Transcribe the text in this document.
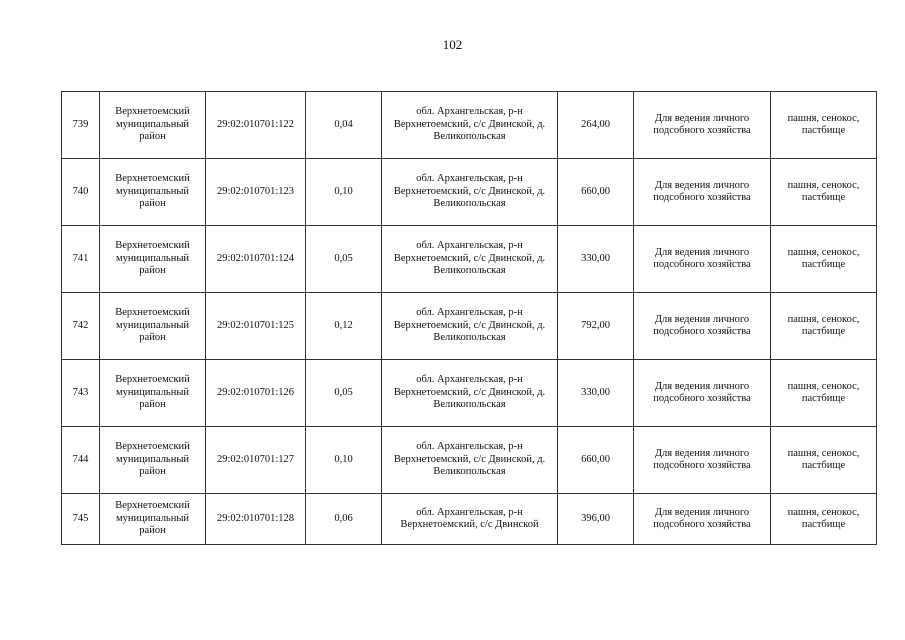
102
739	Верхнетоемский муниципальный район	29:02:010701:122	0,04	обл. Архангельская, р-н Верхнетоемский, с/с Двинской, д. Великопольская	264,00	Для ведения личного подсобного хозяйства	пашня, сенокос, пастбище
740	Верхнетоемский муниципальный район	29:02:010701:123	0,10	обл. Архангельская, р-н Верхнетоемский, с/с Двинской, д. Великопольская	660,00	Для ведения личного подсобного хозяйства	пашня, сенокос, пастбище
741	Верхнетоемский муниципальный район	29:02:010701:124	0,05	обл. Архангельская, р-н Верхнетоемский, с/с Двинской, д. Великопольская	330,00	Для ведения личного подсобного хозяйства	пашня, сенокос, пастбище
742	Верхнетоемский муниципальный район	29:02:010701:125	0,12	обл. Архангельская, р-н Верхнетоемский, с/с Двинской, д. Великопольская	792,00	Для ведения личного подсобного хозяйства	пашня, сенокос, пастбище
743	Верхнетоемский муниципальный район	29:02:010701:126	0,05	обл. Архангельская, р-н Верхнетоемский, с/с Двинской, д. Великопольская	330,00	Для ведения личного подсобного хозяйства	пашня, сенокос, пастбище
744	Верхнетоемский муниципальный район	29:02:010701:127	0,10	обл. Архангельская, р-н Верхнетоемский, с/с Двинской, д. Великопольская	660,00	Для ведения личного подсобного хозяйства	пашня, сенокос, пастбище
745	Верхнетоемский муниципальный район	29:02:010701:128	0,06	обл. Архангельская, р-н Верхнетоемский, с/с Двинской	396,00	Для ведения личного подсобного хозяйства	пашня, сенокос, пастбище
